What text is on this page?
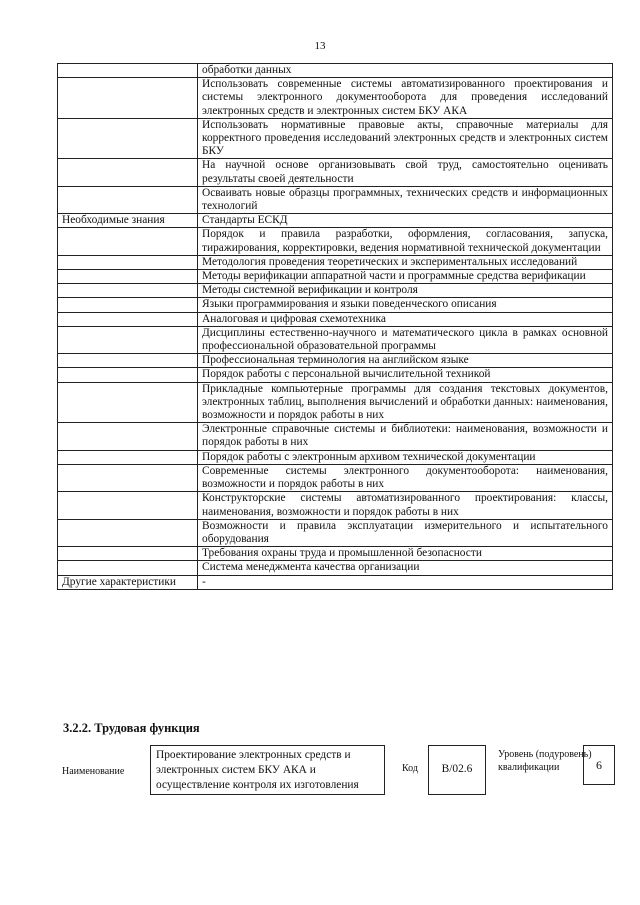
13

	обработки данных

	Использовать современные системы автоматизированного проектирования и системы электронного документооборота для проведения исследований электронных средств и электронных систем БКУ АКА

	Использовать нормативные правовые акты, справочные материалы для корректного проведения исследований электронных средств и электронных систем БКУ

	На научной основе организовывать свой труд, самостоятельно оценивать результаты своей деятельности

	Осваивать новые образцы программных, технических средств и информационных технологий

Необходимые знания	Стандарты ЕСКД

	Порядок и правила разработки, оформления, согласования, запуска, тиражирования, корректировки, ведения нормативной технической документации

	Методология проведения теоретических и экспериментальных исследований

	Методы верификации аппаратной части и программные средства верификации

	Методы системной верификации и контроля

	Языки программирования и языки поведенческого описания

	Аналоговая и цифровая схемотехника

	Дисциплины естественно-научного и математического цикла в рамках основной профессиональной образовательной программы

	Профессиональная терминология на английском языке

	Порядок работы с персональной вычислительной техникой

	Прикладные компьютерные программы для создания текстовых документов, электронных таблиц, выполнения вычислений и обработки данных: наименования, возможности и порядок работы в них

	Электронные справочные системы и библиотеки: наименования, возможности и порядок работы в них

	Порядок работы с электронным архивом технической документации

	Современные системы электронного документооборота: наименования, возможности и порядок работы в них

	Конструкторские системы автоматизированного проектирования: классы, наименования, возможности и порядок работы в них

	Возможности и правила эксплуатации измерительного и испытательного оборудования

	Требования охраны труда и промышленной безопасности

	Система менеджмента качества организации

Другие характеристики	-
3.2.2. Трудовая функция
Наименование
Проектирование электронных средств и электронных систем БКУ АКА и осуществление контроля их изготовления
Код	В/02.6
Уровень (подуровень) квалификации	6
